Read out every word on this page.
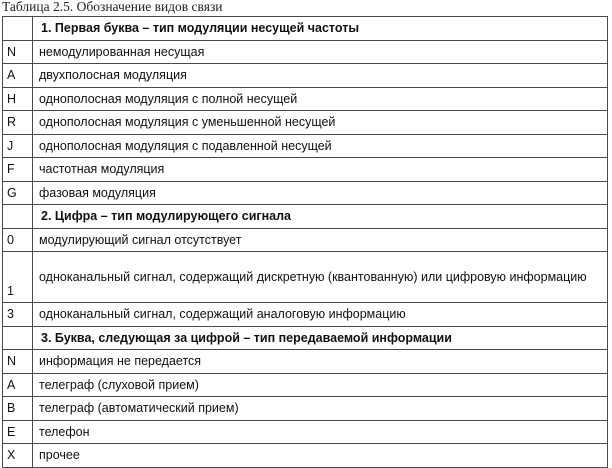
Таблица 2.5. Обозначение видов связи
	1. Первая буква – тип модуляции несущей частоты
N	немодулированная несущая
A	двухполосная модуляция
H	однополосная модуляция с полной несущей
R	однополосная модуляция с уменьшенной несущей
J	однополосная модуляция с подавленной несущей
F	частотная модуляция
G	фазовая модуляция
	2. Цифра – тип модулирующего сигнала
0	модулирующий сигнал отсутствует
1	одноканальный сигнал, содержащий дискретную (квантованную) или цифровую информацию
3	одноканальный сигнал, содержащий аналоговую информацию
	3. Буква, следующая за цифрой – тип передаваемой информации
N	информация не передается
A	телеграф (слуховой прием)
B	телеграф (автоматический прием)
E	телефон
X	прочее
